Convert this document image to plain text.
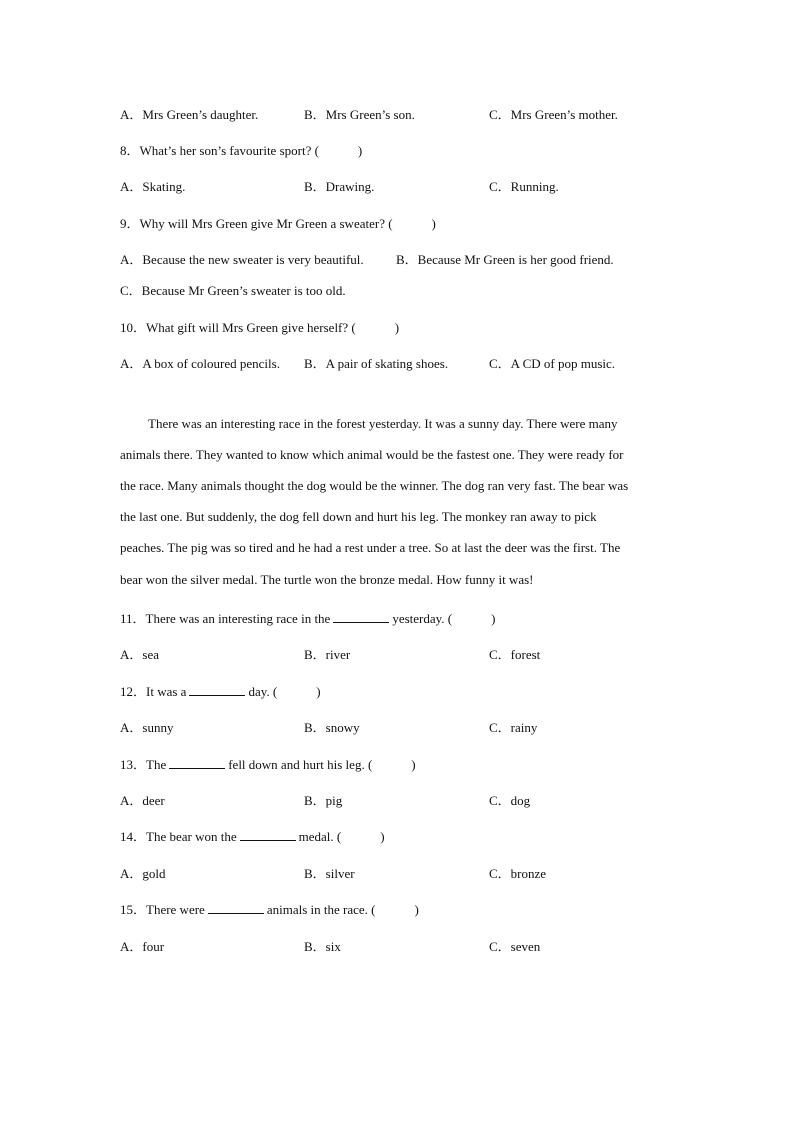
A．Mrs Green’s daughter.	B．Mrs Green’s son.	C．Mrs Green’s mother.
8．What’s her son’s favourite sport? (　　　)
A．Skating.	B．Drawing.	C．Running.
9．Why will Mrs Green give Mr Green a sweater? (　　　)
A．Because the new sweater is very beautiful. B．Because Mr Green is her good friend.
C．Because Mr Green’s sweater is too old.
10．What gift will Mrs Green give herself? (　　　)
A．A box of coloured pencils. B．A pair of skating shoes.	C．A CD of pop music.
There was an interesting race in the forest yesterday. It was a sunny day. There were many
animals there. They wanted to know which animal would be the fastest one. They were ready for
the race. Many animals thought the dog would be the winner. The dog ran very fast. The bear was
the last one. But suddenly, the dog fell down and hurt his leg. The monkey ran away to pick
peaches. The pig was so tired and he had a rest under a tree. So at last the deer was the first. The
bear won the silver medal. The turtle won the bronze medal. How funny it was!
11．There was an interesting race in the	yesterday. (　　　)
A．sea	B．river	C．forest
12．It was a	day. (　　　)
A．sunny	B．snowy	C．rainy
13．The	fell down and hurt his leg. (　　　)
A．deer	B．pig	C．dog
14．The bear won the	medal. (　　　)
A．gold	B．silver	C．bronze
15．There were	animals in the race. (　　　)
A．four	B．six	C．seven
